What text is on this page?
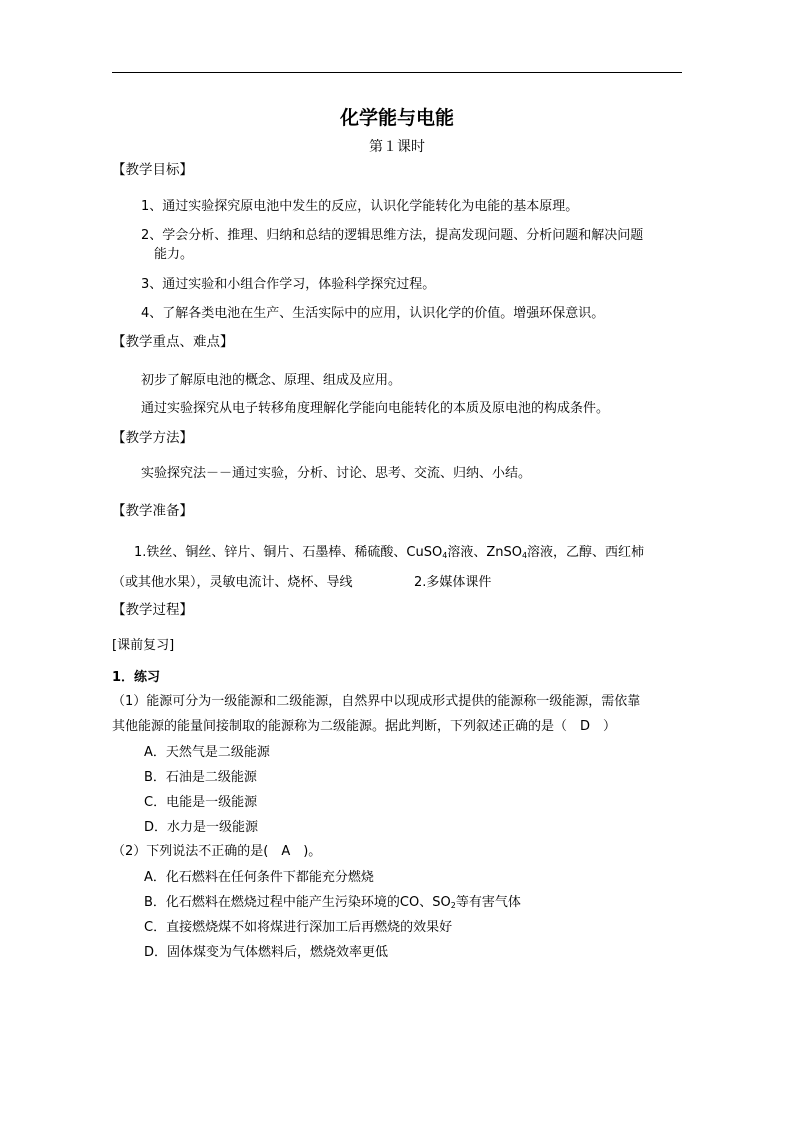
化学能与电能
第１课时
【教学目标】
1、通过实验探究原电池中发生的反应，认识化学能转化为电能的基本原理。
2、学会分析、推理、归纳和总结的逻辑思维方法，提高发现问题、分析问题和解决问题
能力。
3、通过实验和小组合作学习，体验科学探究过程。
4、了解各类电池在生产、生活实际中的应用，认识化学的价值。增强环保意识。
【教学重点、难点】
初步了解原电池的概念、原理、组成及应用。
通过实验探究从电子转移角度理解化学能向电能转化的本质及原电池的构成条件。
【教学方法】
实验探究法－－通过实验，分析、讨论、思考、交流、归纳、小结。
【教学准备】
1.铁丝、铜丝、锌片、铜片、石墨棒、稀硫酸、CuSO$_4$溶液、ZnSO$_4$溶液，乙醇、西红柿
（或其他水果），灵敏电流计、烧杯、导线	2.多媒体课件
【教学过程】
[课前复习]
1．练习
（1）能源可分为一级能源和二级能源，自然界中以现成形式提供的能源称一级能源，需依靠
其他能源的能量间接制取的能源称为二级能源。据此判断，下列叙述正确的是（　D　）
A．天然气是二级能源
B．石油是二级能源
C．电能是一级能源
D．水力是一级能源
（2）下列说法不正确的是(　A　)。
A．化石燃料在任何条件下都能充分燃烧
B．化石燃料在燃烧过程中能产生污染环境的CO、$SO_2$等有害气体
C．直接燃烧煤不如将煤进行深加工后再燃烧的效果好
D．固体煤变为气体燃料后，燃烧效率更低
